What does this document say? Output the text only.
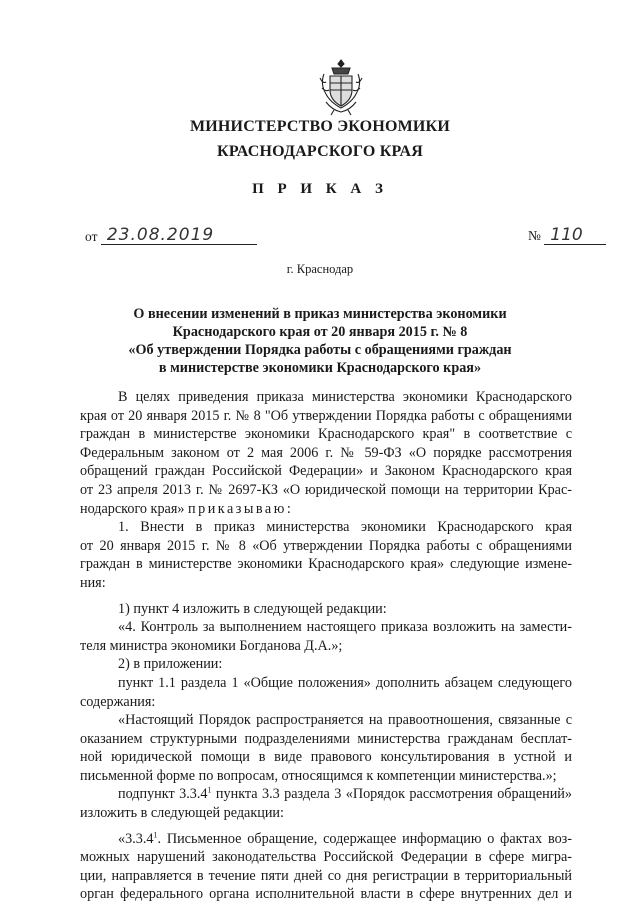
МИНИСТЕРСТВО ЭКОНОМИКИ
КРАСНОДАРСКОГО КРАЯ
П Р И К А З
от 23.08.2019	№ 110
г. Краснодар
О внесении изменений в приказ министерства экономики
Краснодарского края от 20 января 2015 г. № 8
«Об утверждении Порядка работы с обращениями граждан
в министерстве экономики Краснодарского края»
В целях приведения приказа министерства экономики Краснодарского
края от 20 января 2015 г. № 8 "Об утверждении Порядка работы с обращениями
граждан в министерстве экономики Краснодарского края" в соответствие с
Федеральным законом от 2 мая 2006 г. № 59-ФЗ «О порядке рассмотрения
обращений граждан Российской Федерации» и Законом Краснодарского края
от 23 апреля 2013 г. № 2697-КЗ «О юридической помощи на территории Крас-
нодарского края» приказываю:
1. Внести в приказ министерства экономики Краснодарского края
от 20 января 2015 г. № 8 «Об утверждении Порядка работы с обращениями
граждан в министерстве экономики Краснодарского края» следующие измене-
ния:
1) пункт 4 изложить в следующей редакции:
«4. Контроль за выполнением настоящего приказа возложить на замести-
теля министра экономики Богданова Д.А.»;
2) в приложении:
пункт 1.1 раздела 1 «Общие положения» дополнить абзацем следующего
содержания:
«Настоящий Порядок распространяется на правоотношения, связанные с
оказанием структурными подразделениями министерства гражданам бесплат-
ной юридической помощи в виде правового консультирования в устной и
письменной форме по вопросам, относящимся к компетенции министерства.»;
подпункт 3.3.4$^1$ пункта 3.3 раздела 3 «Порядок рассмотрения обращений»
изложить в следующей редакции:
«3.3.4$^1$. Письменное обращение, содержащее информацию о фактах воз-
можных нарушений законодательства Российской Федерации в сфере мигра-
ции, направляется в течение пяти дней со дня регистрации в территориальный
орган федерального органа исполнительной власти в сфере внутренних дел и
